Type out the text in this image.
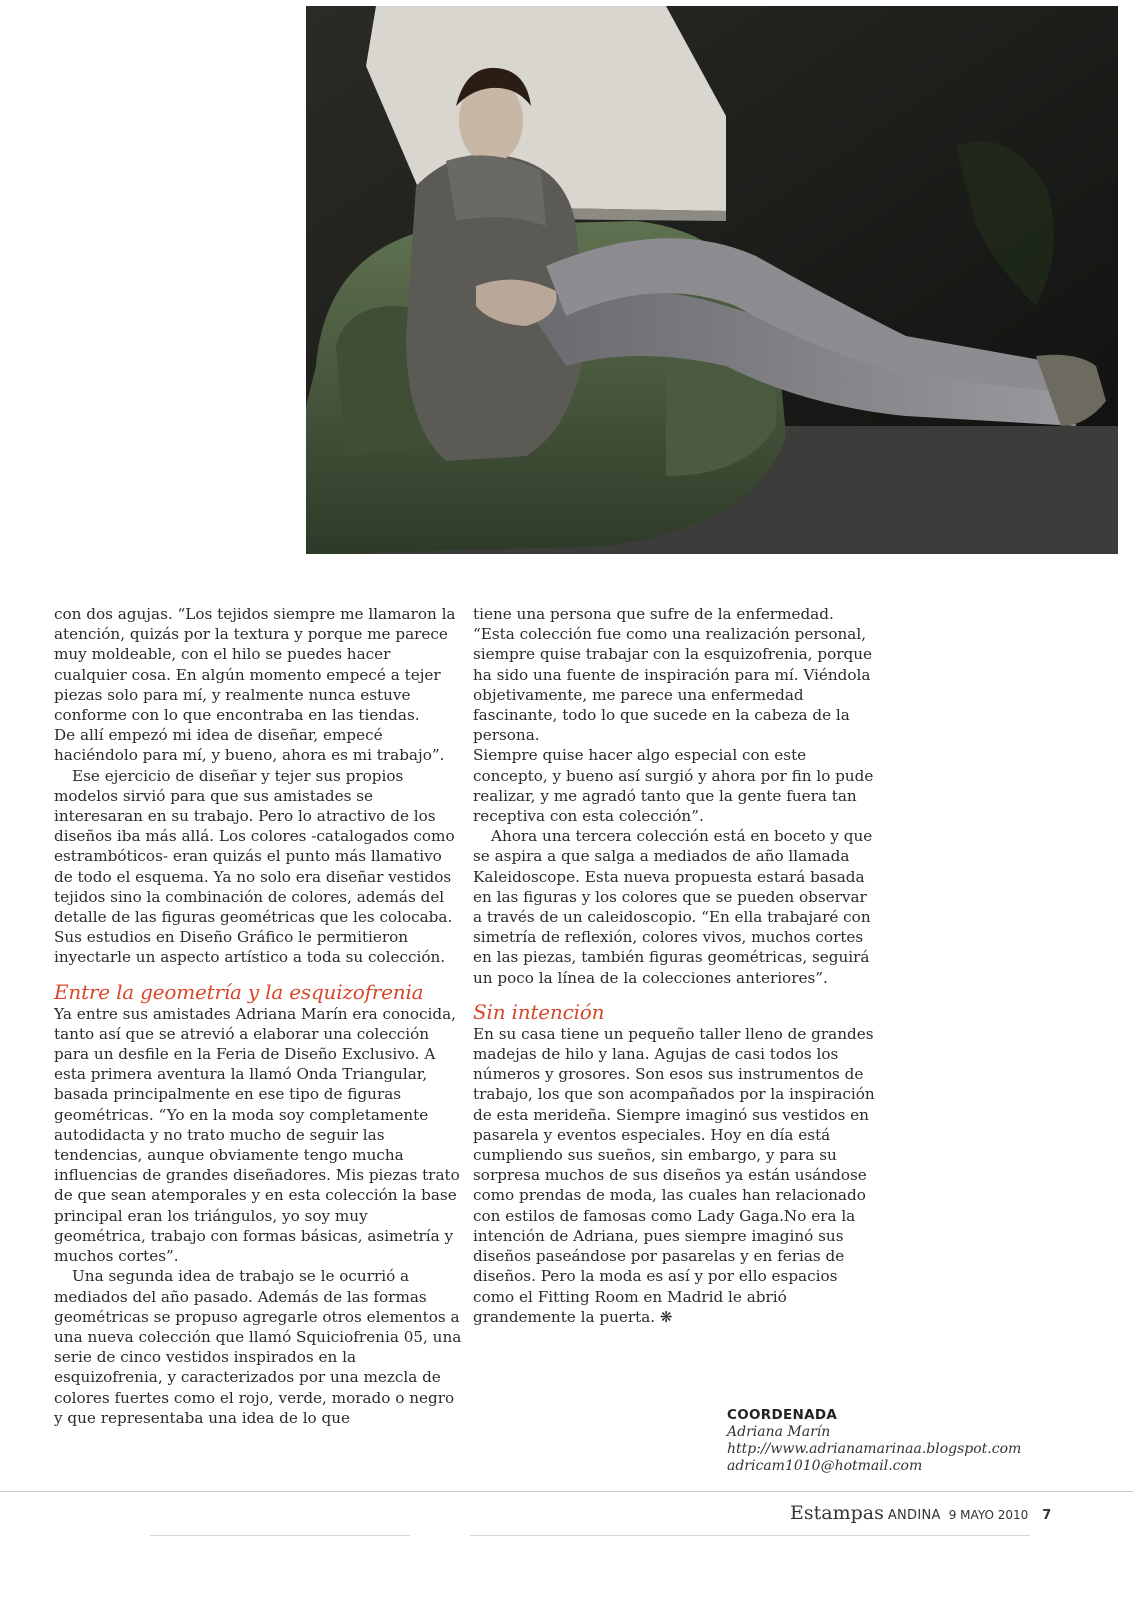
con dos agujas. “Los tejidos siempre me llamaron la atención, quizás por la textura y porque me parece muy moldeable, con el hilo se puedes hacer cualquier cosa. En algún momento empecé a tejer piezas solo para mí, y realmente nunca estuve conforme con lo que encontraba en las tiendas.

De allí empezó mi idea de diseñar, empecé haciéndolo para mí, y bueno, ahora es mi trabajo”.

Ese ejercicio de diseñar y tejer sus propios modelos sirvió para que sus amistades se interesaran en su trabajo. Pero lo atractivo de los diseños iba más allá. Los colores -catalogados como estrambóticos- eran quizás el punto más llamativo de todo el esquema. Ya no solo era diseñar vestidos tejidos sino la combinación de colores, además del detalle de las figuras geométricas que les colocaba. Sus estudios en Diseño Gráfico le permitieron inyectarle un aspecto artístico a toda su colección.

Entre la geometría y la esquizofrenia

Ya entre sus amistades Adriana Marín era conocida, tanto así que se atrevió a elaborar una colección para un desfile en la Feria de Diseño Exclusivo. A esta primera aventura la llamó Onda Triangular, basada principalmente en ese tipo de figuras geométricas. “Yo en la moda soy completamente autodidacta y no trato mucho de seguir las tendencias, aunque obviamente tengo mucha influencias de grandes diseñadores. Mis piezas trato de que sean atemporales y en esta colección la base principal eran los triángulos, yo soy muy geométrica, trabajo con formas básicas, asimetría y muchos cortes”.

Una segunda idea de trabajo se le ocurrió a mediados del año pasado. Además de las formas geométricas se propuso agregarle otros elementos a una nueva colección que llamó Squiciofrenia 05, una serie de cinco vestidos inspirados en la esquizofrenia, y caracterizados por una mezcla de colores fuertes como el rojo, verde, morado o negro y que representaba una idea de lo que

tiene una persona que sufre de la enfermedad. “Esta colección fue como una realización personal, siempre quise trabajar con la esquizofrenia, porque ha sido una fuente de inspiración para mí. Viéndola objetivamente, me parece una enfermedad fascinante, todo lo que sucede en la cabeza de la persona.

Siempre quise hacer algo especial con este concepto, y bueno así surgió y ahora por fin lo pude realizar, y me agradó tanto que la gente fuera tan receptiva con esta colección”.

Ahora una tercera colección está en boceto y que se aspira a que salga a mediados de año llamada Kaleidoscope. Esta nueva propuesta estará basada en las figuras y los colores que se pueden observar a través de un caleidoscopio. “En ella trabajaré con simetría de reflexión, colores vivos, muchos cortes en las piezas, también figuras geométricas, seguirá un poco la línea de la colecciones anteriores”.

Sin intención

En su casa tiene un pequeño taller lleno de grandes madejas de hilo y lana. Agujas de casi todos los números y grosores. Son esos sus instrumentos de trabajo, los que son acompañados por la inspiración de esta merideña. Siempre imaginó sus vestidos en pasarela y eventos especiales. Hoy en día está cumpliendo sus sueños, sin embargo, y para su sorpresa muchos de sus diseños ya están usándose como prendas de moda, las cuales han relacionado con estilos de famosas como Lady Gaga.No era la intención de Adriana, pues siempre imaginó sus diseños paseándose por pasarelas y en ferias de diseños. Pero la moda es así y por ello espacios como el Fitting Room en Madrid le abrió grandemente la puerta. ❋

COORDENADA
Adriana Marín
http://www.adrianamarinaa.blogspot.com
adricam1010@hotmail.com
Estampas ANDINA 9 MAYO 2010 7
